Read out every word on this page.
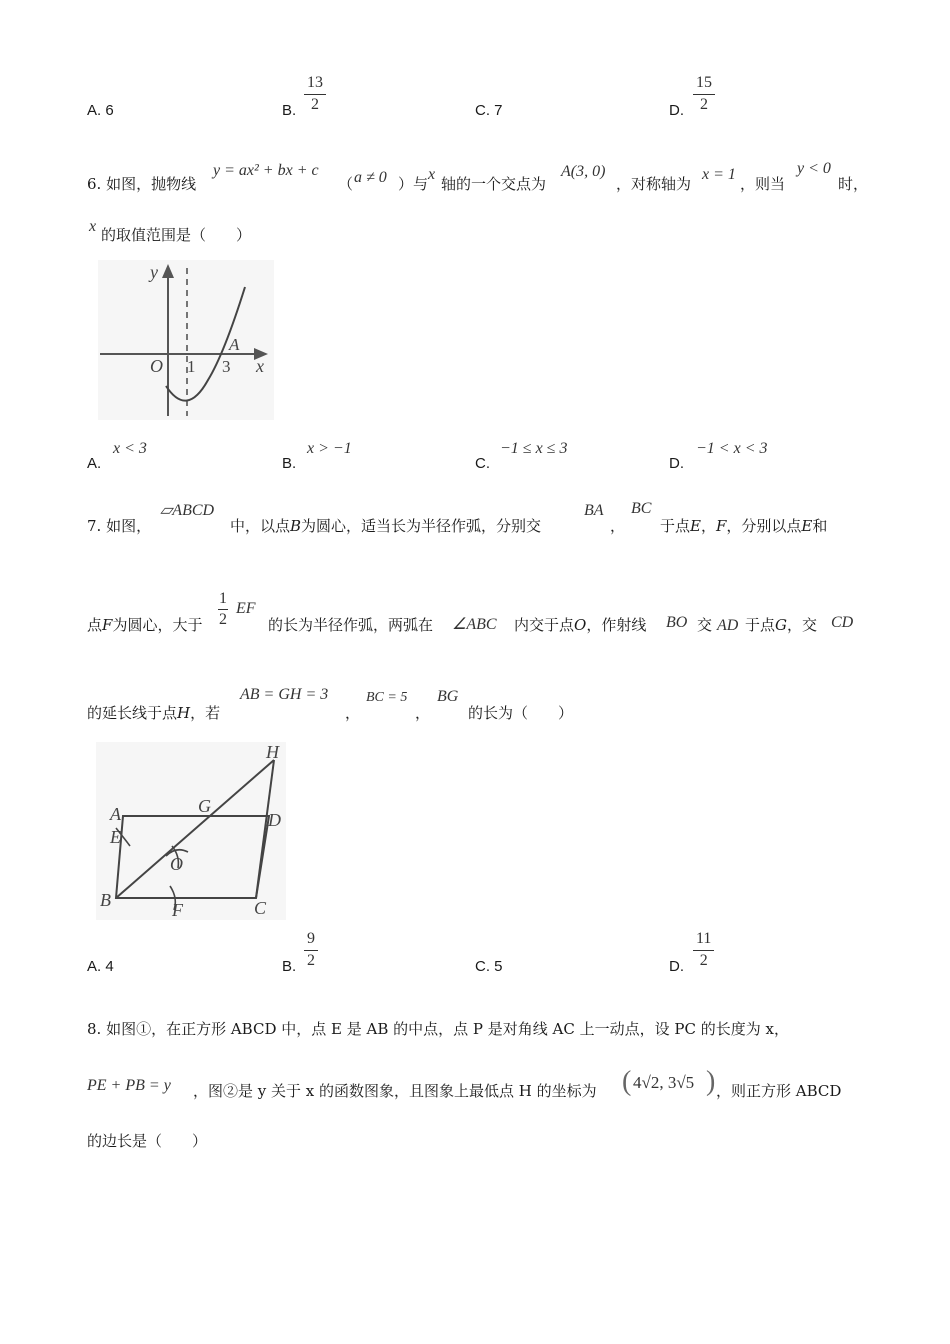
A. 6	B. $\frac{13}{2}$	C. 7	D. $\frac{15}{2}$
6. 如图，抛物线
y = ax² + bx + c
（ a ≠ 0 ）与
x
轴的一个交点为
A(3, 0)
，对称轴为
x = 1
，则当
y < 0
时，
x 的取值范围是（　　）
y
x
O 1 3
A
A.
x < 3
B.
x > −1
C.
−1 ≤ x ≤ 3
D.
−1 < x < 3
7. 如图，
▱ABCD
中，以点B为圆心，适当长为半径作弧，分别交
BA
，
BC
于点E，F，分别以点E和
点F为圆心，大于 $\frac{1}{2}$ EF
的长为半径作弧，两弧在 ∠ABC 内交于点O，作射线 BO 交 AD 于点G，交 CD
的延长线于点H，若
AB = GH = 3
，
BC = 5
，
BG
的长为（　　）
H
A	G
D
E
O
B	F	C
A. 4	B. $\frac{9}{2}$	C. 5	D. $\frac{11}{2}$
8. 如图①，在正方形 ABCD 中，点 E 是 AB 的中点，点 P 是对角线 AC 上一动点，设 PC 的长度为 x，
PE + PB = y ，图②是 y 关于 x 的函数图象，且图象上最低点 H 的坐标为 ( 4√2, 3√5 ) ，则正方形 ABCD
的边长是（　　）
